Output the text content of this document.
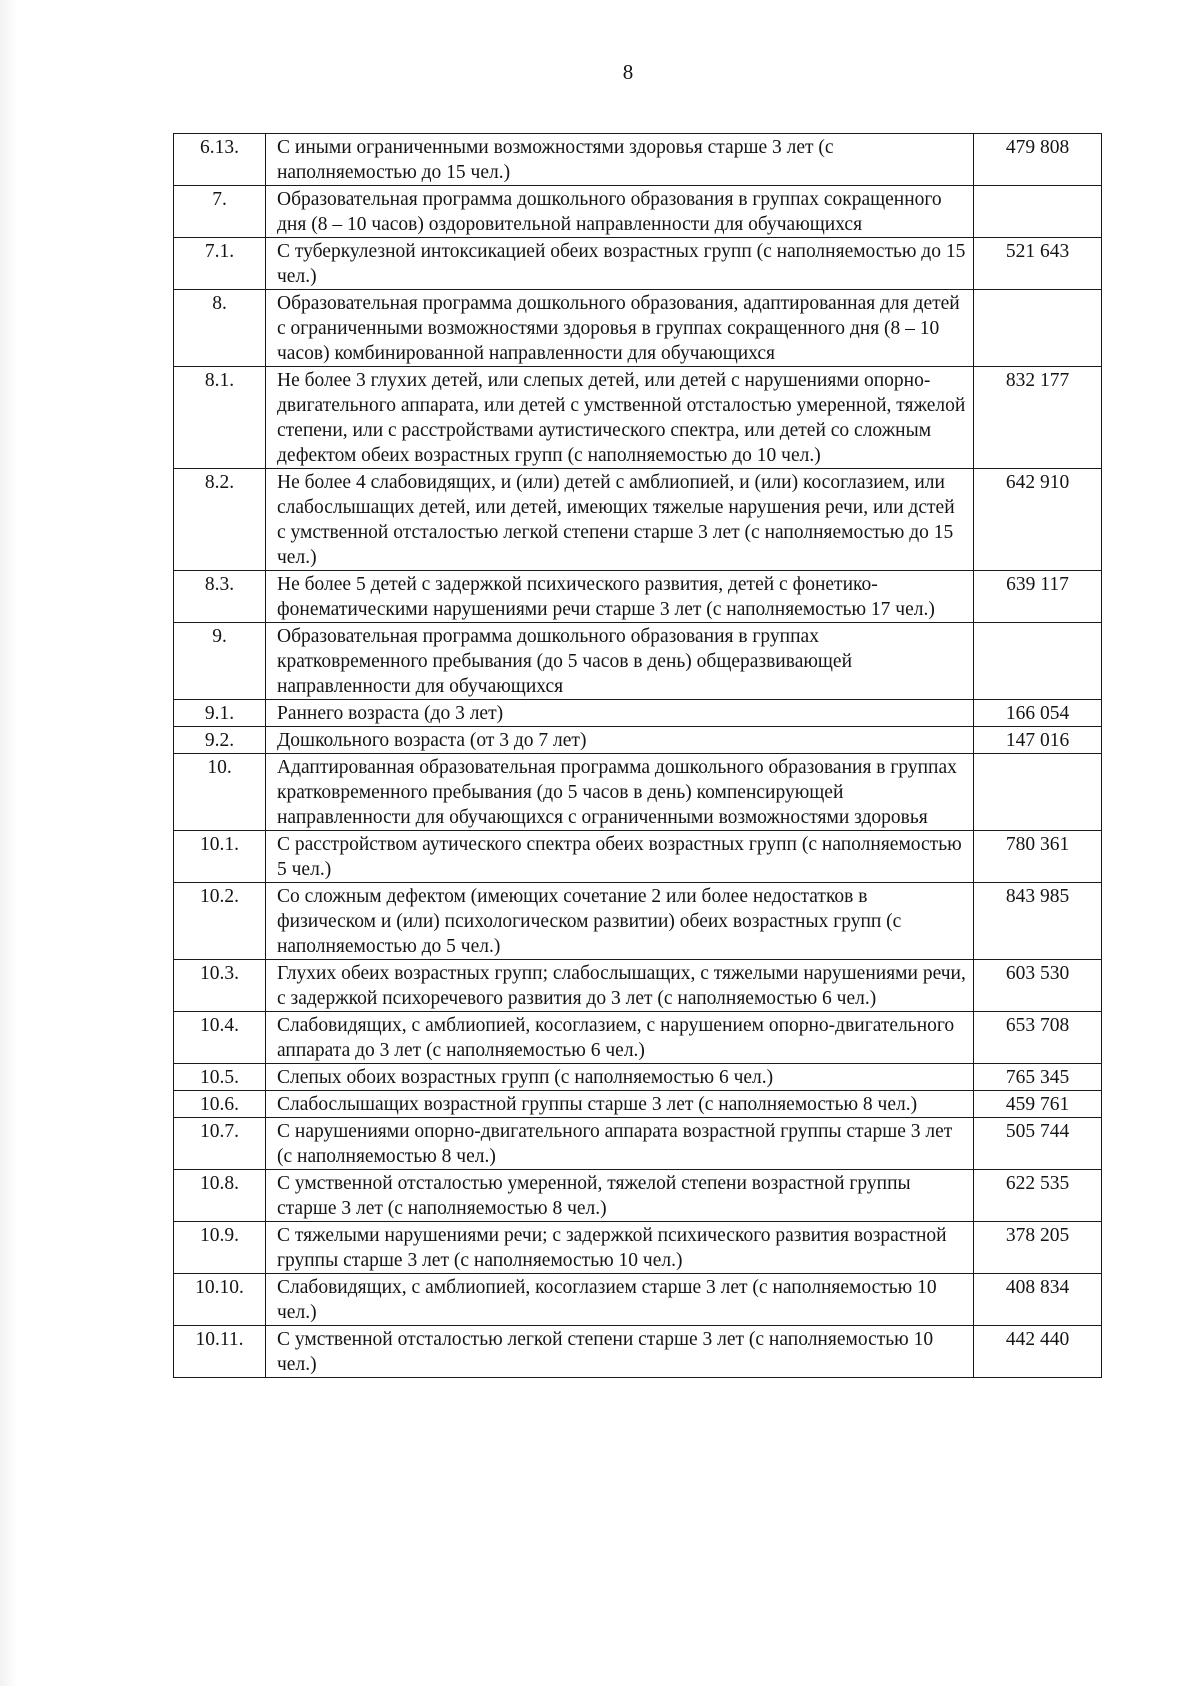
8
6.13.	С иными ограниченными возможностями здоровья старше 3 лет (с наполняемостью до 15 чел.)	479 808
7.	Образовательная программа дошкольного образования в группах сокращенного дня (8 – 10 часов) оздоровительной направленности для обучающихся	
7.1.	С туберкулезной интоксикацией обеих возрастных групп (с наполняемостью до 15 чел.)	521 643
8.	Образовательная программа дошкольного образования, адаптированная для детей с ограниченными возможностями здоровья в группах сокращенного дня (8 – 10 часов) комбинированной направленности для обучающихся	
8.1.	Не более 3 глухих детей, или слепых детей, или детей с нарушениями опорно-двигательного аппарата, или детей с умственной отсталостью умеренной, тяжелой степени, или с расстройствами аутистического спектра, или детей со сложным дефектом обеих возрастных групп (с наполняемостью до 10 чел.)	832 177
8.2.	Не более 4 слабовидящих, и (или) детей с амблиопией, и (или) косоглазием, или слабослышащих детей, или детей, имеющих тяжелые нарушения речи, или дстей с умственной отсталостью легкой степени старше 3 лет (с наполняемостью до 15 чел.)	642 910
8.3.	Не более 5 детей с задержкой психического развития, детей с фонетико-фонематическими нарушениями речи старше 3 лет (с наполняемостью 17 чел.)	639 117
9.	Образовательная программа дошкольного образования в группах кратковременного пребывания (до 5 часов в день) общеразвивающей направленности для обучающихся	
9.1.	Раннего возраста (до 3 лет)	166 054
9.2.	Дошкольного возраста (от 3 до 7 лет)	147 016
10.	Адаптированная образовательная программа дошкольного образования в группах кратковременного пребывания (до 5 часов в день) компенсирующей направленности для обучающихся с ограниченными возможностями здоровья	
10.1.	С расстройством аутического спектра обеих возрастных групп (с наполняемостью 5 чел.)	780 361
10.2.	Со сложным дефектом (имеющих сочетание 2 или более недостатков в физическом и (или) психологическом развитии) обеих возрастных групп (с наполняемостью до 5 чел.)	843 985
10.3.	Глухих обеих возрастных групп; слабослышащих, с тяжелыми нарушениями речи, с задержкой психоречевого развития до 3 лет (с наполняемостью 6 чел.)	603 530
10.4.	Слабовидящих, с амблиопией, косоглазием, с нарушением опорно-двигательного аппарата до 3 лет (с наполняемостью 6 чел.)	653 708
10.5.	Слепых обоих возрастных групп (с наполняемостью 6 чел.)	765 345
10.6.	Слабослышащих возрастной группы старше 3 лет (с наполняемостью 8 чел.)	459 761
10.7.	С нарушениями опорно-двигательного аппарата возрастной группы старше 3 лет (с наполняемостью 8 чел.)	505 744
10.8.	С умственной отсталостью умеренной, тяжелой степени возрастной группы старше 3 лет (с наполняемостью 8 чел.)	622 535
10.9.	С тяжелыми нарушениями речи; с задержкой психического развития возрастной группы старше 3 лет (с наполняемостью 10 чел.)	378 205
10.10.	Слабовидящих, с амблиопией, косоглазием старше 3 лет (с наполняемостью 10 чел.)	408 834
10.11.	С умственной отсталостью легкой степени старше 3 лет (с наполняемостью 10 чел.)	442 440
